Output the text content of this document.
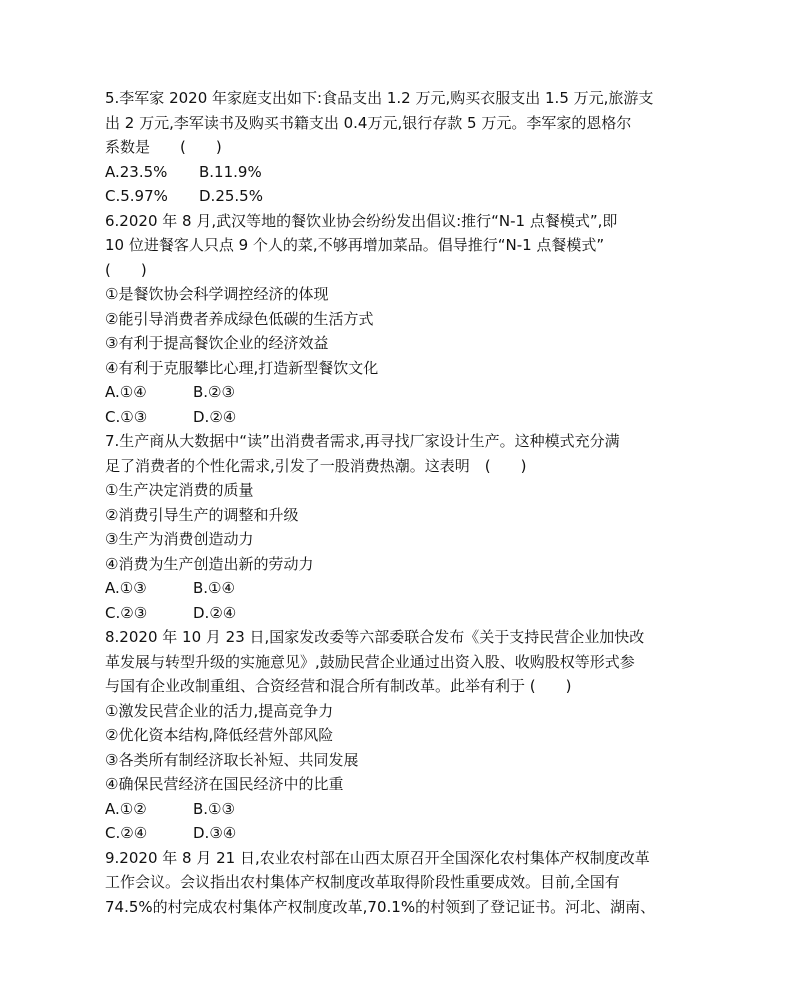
5.李军家 2020 年家庭支出如下:食品支出 1.2 万元,购买衣服支出 1.5 万元,旅游支
出 2 万元,李军读书及购买书籍支出 0.4万元,银行存款 5 万元。李军家的恩格尔
系数是　　(　　)
A.23.5%	B.11.9%
C.5.97%	D.25.5%
6.2020 年 8 月,武汉等地的餐饮业协会纷纷发出倡议:推行“N-1 点餐模式”,即
10 位进餐客人只点 9 个人的菜,不够再增加菜品。倡导推行“N-1 点餐模式”
(　　)
①是餐饮协会科学调控经济的体现
②能引导消费者养成绿色低碳的生活方式
③有利于提高餐饮企业的经济效益
④有利于克服攀比心理,打造新型餐饮文化
A.①④	B.②③
C.①③	D.②④
7.生产商从大数据中“读”出消费者需求,再寻找厂家设计生产。这种模式充分满
足了消费者的个性化需求,引发了一股消费热潮。这表明　(　　)
①生产决定消费的质量
②消费引导生产的调整和升级
③生产为消费创造动力
④消费为生产创造出新的劳动力
A.①③	B.①④
C.②③	D.②④
8.2020 年 10 月 23 日,国家发改委等六部委联合发布《关于支持民营企业加快改
革发展与转型升级的实施意见》,鼓励民营企业通过出资入股、收购股权等形式参
与国有企业改制重组、合资经营和混合所有制改革。此举有利于 (　　)
①激发民营企业的活力,提高竞争力
②优化资本结构,降低经营外部风险
③各类所有制经济取长补短、共同发展
④确保民营经济在国民经济中的比重
A.①②	B.①③
C.②④	D.③④
9.2020 年 8 月 21 日,农业农村部在山西太原召开全国深化农村集体产权制度改革
工作会议。会议指出农村集体产权制度改革取得阶段性重要成效。目前,全国有
74.5%的村完成农村集体产权制度改革,70.1%的村领到了登记证书。河北、湖南、
